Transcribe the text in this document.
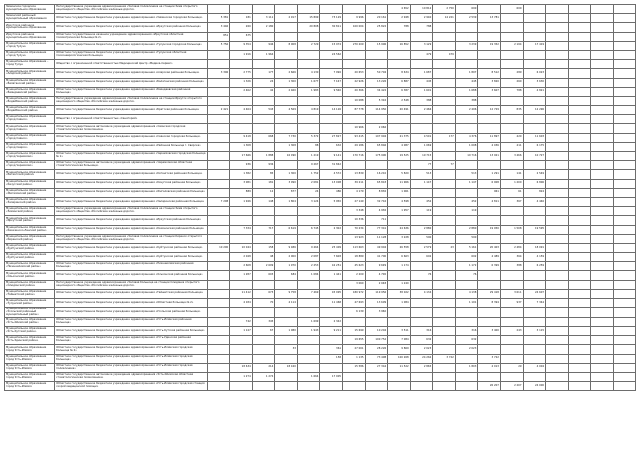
Зиминское городское муниципальное образование	Негосударственное учреждение здравоохранения «Узловая поликлиника на станции Зима открытого акционерного общества «Российские железные дороги»									4 652	10 812	2 750	600		600					
Зиминский районный муниципальный образования	Областное государственное бюджетное учреждение здравоохранения «Зиминская городская больница»	5 381	181	3 111	2 917	15 899	73 129	9 996	20 161	2 948	2 940	14 221	2 539	13 781						
Иркутское районное муниципальное образование	Областное государственное бюджетное учреждение здравоохранения «Иркутская районная больница»	3 446	260	2 180		20 808	30 811	100 004	25 822	788	788									
Иркутское районное муниципальное образование	Областное государственное казенное учреждение здравоохранения «Иркутская областная психиатрическая больница № 2»	851	675																	
Муниципальное образование «город Тулун»	Областное государственное бюджетное учреждение здравоохранения «Тулунская городская больница»	5 756	9 354	946	8 008	2 729	15 974	270 209	15 996	16 852	3 129		3 239	19 352	2 194	17 419				
Муниципальное образование «город Тулун»	Областное государственное бюджетное учреждение здравоохранения «Тулунская областная психоневрологическая больница»		1 916	1 964			24 562				479	479								
Муниципальное образование – город Тулун	Общество с ограниченной ответственностью Медицинский Центр «Медика-Сервис»																			
Муниципальное образование «Аларский район»	Областное государственное бюджетное учреждение здравоохранения «Аларская районная больница»	3 306	2 775	177	2 666	4 130	7 096	20 653	50 794	8 634	1 687		1 897	8 512	289	6 023				
Муниципальное образование «Балаганский район»	Областное государственное бюджетное учреждение здравоохранения «Балаганская районная больница»		1 326	24	1 300	1 677	7 167	22 926	13 226	6 887	445		445	3 820	260	3 630				
Муниципальное образование «Баяндаевский район»	Областное государственное бюджетное учреждение здравоохранения «Баяндаевская районная больница»		2 462	42	2 460	1 983	9 560	20 366	34 422	6 387	1 601		1 688	3 607	788	4 821				
Муниципальное образование «Бодайбинский район»	Негосударственное учреждение здравоохранения «Узловая поликлиника на станции Иркутск открытого акционерного общества «Российские железные дороги»							10 088	5 316	2 548	388		388							
Муниципальное образование «Бодайбинский район»	Областное государственное бюджетное учреждение здравоохранения «Братская районная больница»	2 421	4 464	543	4 569	4 819	14 126	87 778	114 950	20 491	2 466		2 496	12 729	835	12 296				
Муниципальное образование «город Саянск»	Общество с ограниченной ответственностью «Санаторий»																			
Муниципальное образование «город Саянск»	Областное государственное автономное учреждение здравоохранения «Саянская городская стоматологическая поликлиника»							10 966	2 066											
Муниципальное образование «город Саянск»	Областное государственное бюджетное учреждение здравоохранения «Саянская городская больница»		9 418	668	7 730	5 372	27 827	93 415	107 994	21 375	4 501	177	4 376	11 897	420	11 603				
Муниципальное образование «город Свирск»	Областное государственное бюджетное учреждение здравоохранения «Районная больница г. Свирска»		1 308		1 308	88	632	29 186	65 846	4 087	1 069		1 098	4 036	411	6 175				
Муниципальное образование «город Черемхово»	Областное государственное бюджетное учреждение здравоохранения «Черемховская городская больница № 1»		17 666	1 888	16 090	1 219	9 141	170 716	175 990	19 525	19 715		10 716	13 921	3 466	10 727				
Муниципальное образование «город Черемхово»	Областное государственное автономное учреждение здравоохранения «Черемховская областная стоматологическая больница»		936	936		9 267	31 842				77	77								
Муниципальное образование «Катангский район»	Областное государственное бюджетное учреждение здравоохранения «Катангская районная больница»		1 382	85	1 300	1 752	4 572	13 839	16 210	5 820	513		513	1 291	141	2 549				
Муниципальное образование «Качугский район»	Областное государственное бюджетное учреждение здравоохранения «Качугская районная больница»		3 081	181	3 090	2 081	13 008	39 211	65 843	11 966	1 147		1 147	6 008	1 200	6 806				
Муниципальное образование «Жигаловский район»	Областное государственное бюджетное учреждение здравоохранения «Жигаловская районная больница»		889	12	877	24	486	4 179	8 836	1 061				961	61	824				
Муниципальное образование «Заларинский район»	Областное государственное бюджетное учреждение здравоохранения «Заларинская районная больница»	7 208	1 946	148	1 804	3 124	5 950	27 149	32 716	4 598	452		452	4 811	367	4 446				
Муниципальное образование «Зиминский район»	Негосударственное учреждение здравоохранения «Узловая поликлиника на станции Зима открытого акционерного общества «Российские железные дороги»							3 348	4 936	1 957	119		119							
Муниципальное образование «Иркутский район»	Областное государственное бюджетное учреждение здравоохранения «Иркутская районная больница»							10 336	711											
Муниципальное образование «Казачинско-Ленский район»	Областное государственное бюджетное учреждение здравоохранения «Казачинская районная больница»		7 334	717	6 619	6 745	2 302	70 234	77 341	24 636	2 880		2 880	19 050	1 508	19 595				
Муниципальное образование «Киренский район»	Негосударственное учреждение здравоохранения «Узловая поликлиника на станции Киренск открытого акционерного общества «Российские железные дороги»							13 923	11 128	3 228	500		500							
Муниципальное образование «Куйтунский район»	Областное государственное бюджетное учреждение здравоохранения «Куйтунская районная больница»	10 200	10 044	158	9 486	9 464	25 409	113 663	49 904	26 558	2 579	23	5 161	20 403	2 484	18 091				
Муниципальное образование «Куйтунский район»	Областное государственное бюджетное учреждение здравоохранения «Куйтунская районная больница»		2 048	48	2 000	2 087	7 608	18 889	41 700	6 663	602		602	4 489	364	4 159				
Муниципальное образование «Нижнеилимский район»	Областное государственное бюджетное учреждение здравоохранения «Нижнеилимская районная больница»		2 608	2 609	1 970	2 253	42 251	45 623	9 699	1 174			1 172	6 399	388	6 259				
Муниципальное образование «Ольхонский район»	Областное государственное бюджетное учреждение здравоохранения «Ольхонская районная больница»		1 287	603	684	1 084	1 441	2 209	4 700		76		76							
Муниципальное образование «Слюдянский район»	Негосударственное учреждение здравоохранения «Узловая больница на станции Слюдянка открытого акционерного общества «Российские железные дороги»							3 060	2 048	1 240										
Муниципальное образование «Тайшетский район»	Областное государственное бюджетное учреждение здравоохранения «Тайшетская районная больница»		11 412	673	9 758	7 469	45 995	180 972	119 956	38 022	4 134		4 138	29 418	3 611	24 607				
Муниципальное образование «Тулунский район»	Областное государственное бюджетное учреждение здравоохранения «Областная больница № 2»		4 184	70	4 114		11 468	47 693	13 699	1 084			1 191	8 394	937	7 344				
Муниципальное образование «Усольский районный муниципальный район»	Областное государственное бюджетное учреждение здравоохранения «Усольская районная больница»							6 139	3 960											
Муниципальное образование «Усть-Илимский район»	Областное государственное бюджетное учреждение здравоохранения «Усть-Илимская районная больница»		742	345		1 699	2 342													
Муниципальное образование «Усть-Кутский район»	Областное государственное бюджетное учреждение здравоохранения «Усть-Кутская районная больница»		1 147	67	1 080	1 943	9 211	15 699	10 204	3 511	316		316	3 400	243	3 115				
Муниципальное образование «Усть-Удинский район»	Областное государственное бюджетное учреждение здравоохранения «Усть-Удинская районная больница»							19 655	100 752	7 084	632		632							
Муниципальное образование город Усть-Илимск	Областное государственное бюджетное учреждение здравоохранения «Усть-Илимская городская больница № 2»				33		361	27 001	28 226	9 869	2 023		2 023							
Муниципальное образование город Усть-Илимск	Областное государственное бюджетное учреждение здравоохранения «Усть-Илимская городская больница»						158	1 135	73 498	100 268	24 262	3 722		3 722						
Муниципальное образование город Усть-Илимск	Областное государственное бюджетное учреждение здравоохранения «Усть-Илимская городская поликлиника»		18 634	214	18 420			15 586	27 344	11 522	2 865		1 803	4 013	29	4 004				
Муниципальное образование город Усть-Илимск	Областное государственное автономное учреждение здравоохранения «Усть-Илимская областная стоматологическая поликлиника»		1 274	1 274		1 664	17 905													
Муниципальное образование город Усть-Илимск	Областное государственное бюджетное учреждение здравоохранения «Усть-Илимская городская станция скорой медицинской помощи»													26 207	2 207	24 000				
